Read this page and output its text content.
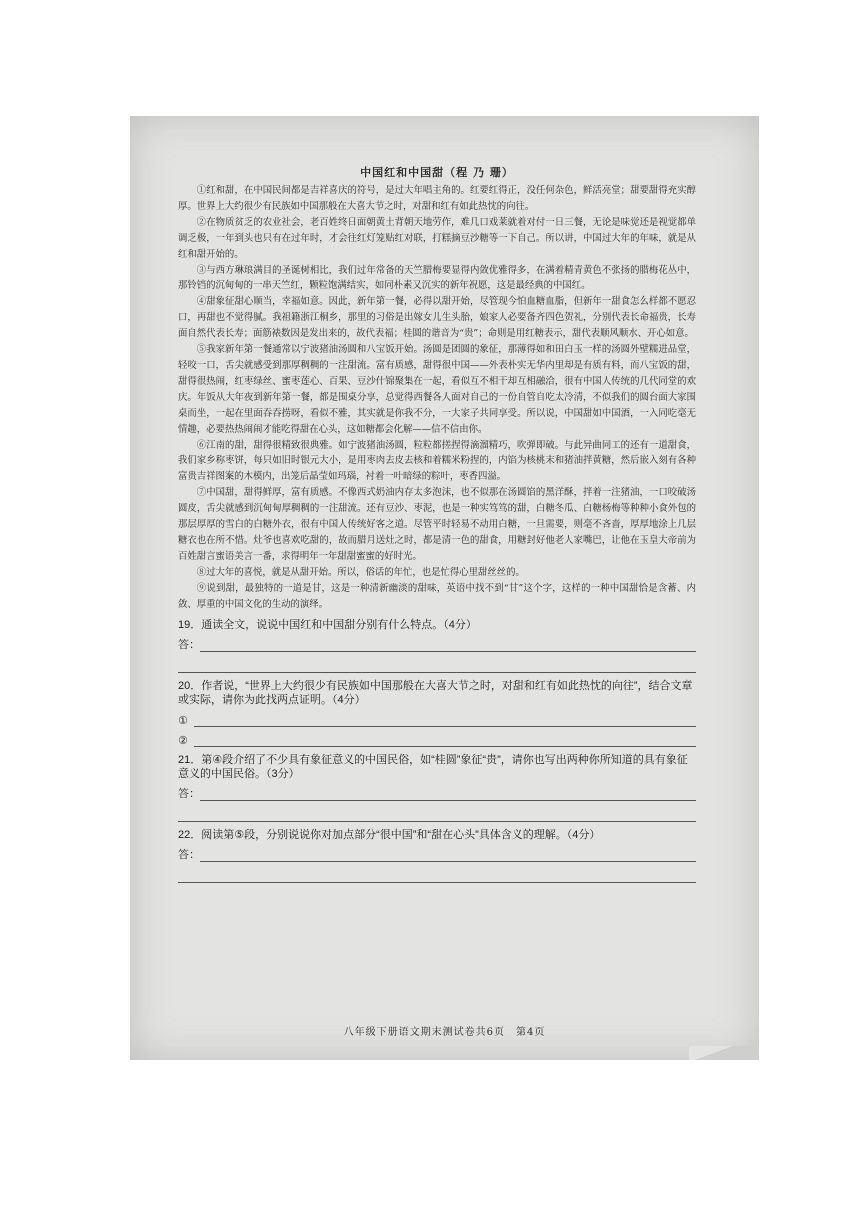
中国红和中国甜（程 乃 珊）

①红和甜，在中国民间都是吉祥喜庆的符号，是过大年唱主角的。红要红得正，没任何杂色，鲜活亮堂；甜要甜得充实醇厚。世界上大约很少有民族如中国那般在大喜大节之时，对甜和红有如此热忱的向往。

②在物质贫乏的农业社会，老百姓终日面朝黄土背朝天地劳作，难几口戏莱就着对付一日三餐，无论是味觉还是视觉都单调乏极，一年到头也只有在过年时，才会往红灯笼贴红对联，打糕摘豆沙糖等一下自己。所以讲，中国过大年的年味，就是从红和甜开始的。

③与西方琳琅满目的圣诞树相比，我们过年常备的天竺腊梅要显得内敛优雅得多，在满着精青黄色不张扬的腊梅花丛中，那铃铛的沉甸甸的一串天竺红，颗粒饱满结实，如同朴素又沉实的新年祝愿，这是最经典的中国红。

④甜象征甜心顺当，幸福如意。因此，新年第一餐，必得以甜开始，尽管现今怕血糖血脂，但新年一甜食怎么样都不愿忍口，再甜也不觉得腻。我祖籍浙江桐乡，那里的习俗是出嫁女儿生头胎，娘家人必要备齐四色贺礼，分别代表长命福贵，长寿面自然代表长寿；面筋裱数因是发出来的，故代表福；桂圆的谐音为“贵”；命则是用红糖表示，甜代表顺风顺水、开心如意。

⑤我家新年第一餐通常以宁波猪油汤圆和八宝饭开始。汤圆是团圆的象征，那薄得如和田白玉一样的汤圆外壁糯进品堂，轻咬一口，舌尖就感受到那厚稠稠的一注甜流。富有质感，甜得很中国——外表朴实无华内里却是有质有料，而八宝饭的甜，甜得很热闹，红枣绿丝、蜜枣莲心、百果、豆沙什锦聚集在一起，看似互不相干却互相融洽，很有中国人传统的几代同堂的欢庆。年饭从大年夜到新年第一餐，都是围桌分享，总觉得西餐各人面对自己的一份自管自吃太冷清，不似我们的圆台面大家围桌而坐，一起在里面吞吞捞呀，看似不雅，其实就是你我不分，一大家子共同享受。所以说，中国甜如中国酒，一入同吃毫无情趣，必要热热闹闹才能吃得甜在心头，这如糖都会化解——信不信由你。

⑥江南的甜，甜得很精致很典雅。如宁波猪油汤圆，粒粒都搓捏得滴溜精巧，吹弹即破。与此异曲同工的还有一道甜食，我们家乡称枣饼，每只如旧时银元大小，是用枣肉去皮去核和着糯米粉捏的，内馅为核桃末和猪油拌黄糖，然后嵌入刻有各种富贵吉祥图案的木模内，出笼后晶莹如玛瑙，衬着一叶暗绿的粽叶，枣香四溢。

⑦中国甜，甜得鲜厚，富有质感。不像西式奶油内存太多泡沫，也不似那在汤圆馅的黑洋酥，拌着一注猪油，一口咬破汤圆皮，舌尖就感到沉甸甸厚稠稠的一注甜流。还有豆沙、枣泥，也是一种实笃笃的甜，白糖冬瓜、白糖杨梅等种种小食外包的那层厚厚的雪白的白糖外衣，很有中国人传统好客之道。尽管平时轻易不动用白糖，一旦需要，则毫不吝啬，厚厚地涂上几层糖衣也在所不惜。灶爷也喜欢吃甜的，故而腊月送灶之时，都是清一色的甜食，用糖封好他老人家嘴巴，让他在玉皇大帝前为百姓甜言蜜语美言一番，求得明年一年甜甜蜜蜜的好时光。

⑧过大年的喜悦，就是从甜开始。所以，俗话的年忙，也是忙得心里甜丝丝的。

⑨说到甜，最独特的一道是甘，这是一种清新幽淡的甜味，英语中找不到“甘”这个字，这样的一种中国甜恰是含蓄、内敛、厚重的中国文化的生动的演绎。

19．通读全文，说说中国红和中国甜分别有什么特点。（4分）
答：
20．作者说，“世界上大约很少有民族如中国那般在大喜大节之时，对甜和红有如此热忱的向往”，结合文章或实际，请你为此找两点证明。（4分）
①
②
21．第④段介绍了不少具有象征意义的中国民俗，如“桂圆”象征“贵”，请你也写出两种你所知道的具有象征意义的中国民俗。（3分）
答：
22．阅读第⑤段，分别说说你对加点部分“很中国”和“甜在心头”具体含义的理解。（4分）
答：
八年级下册语文期末测试卷共6页　第4页
